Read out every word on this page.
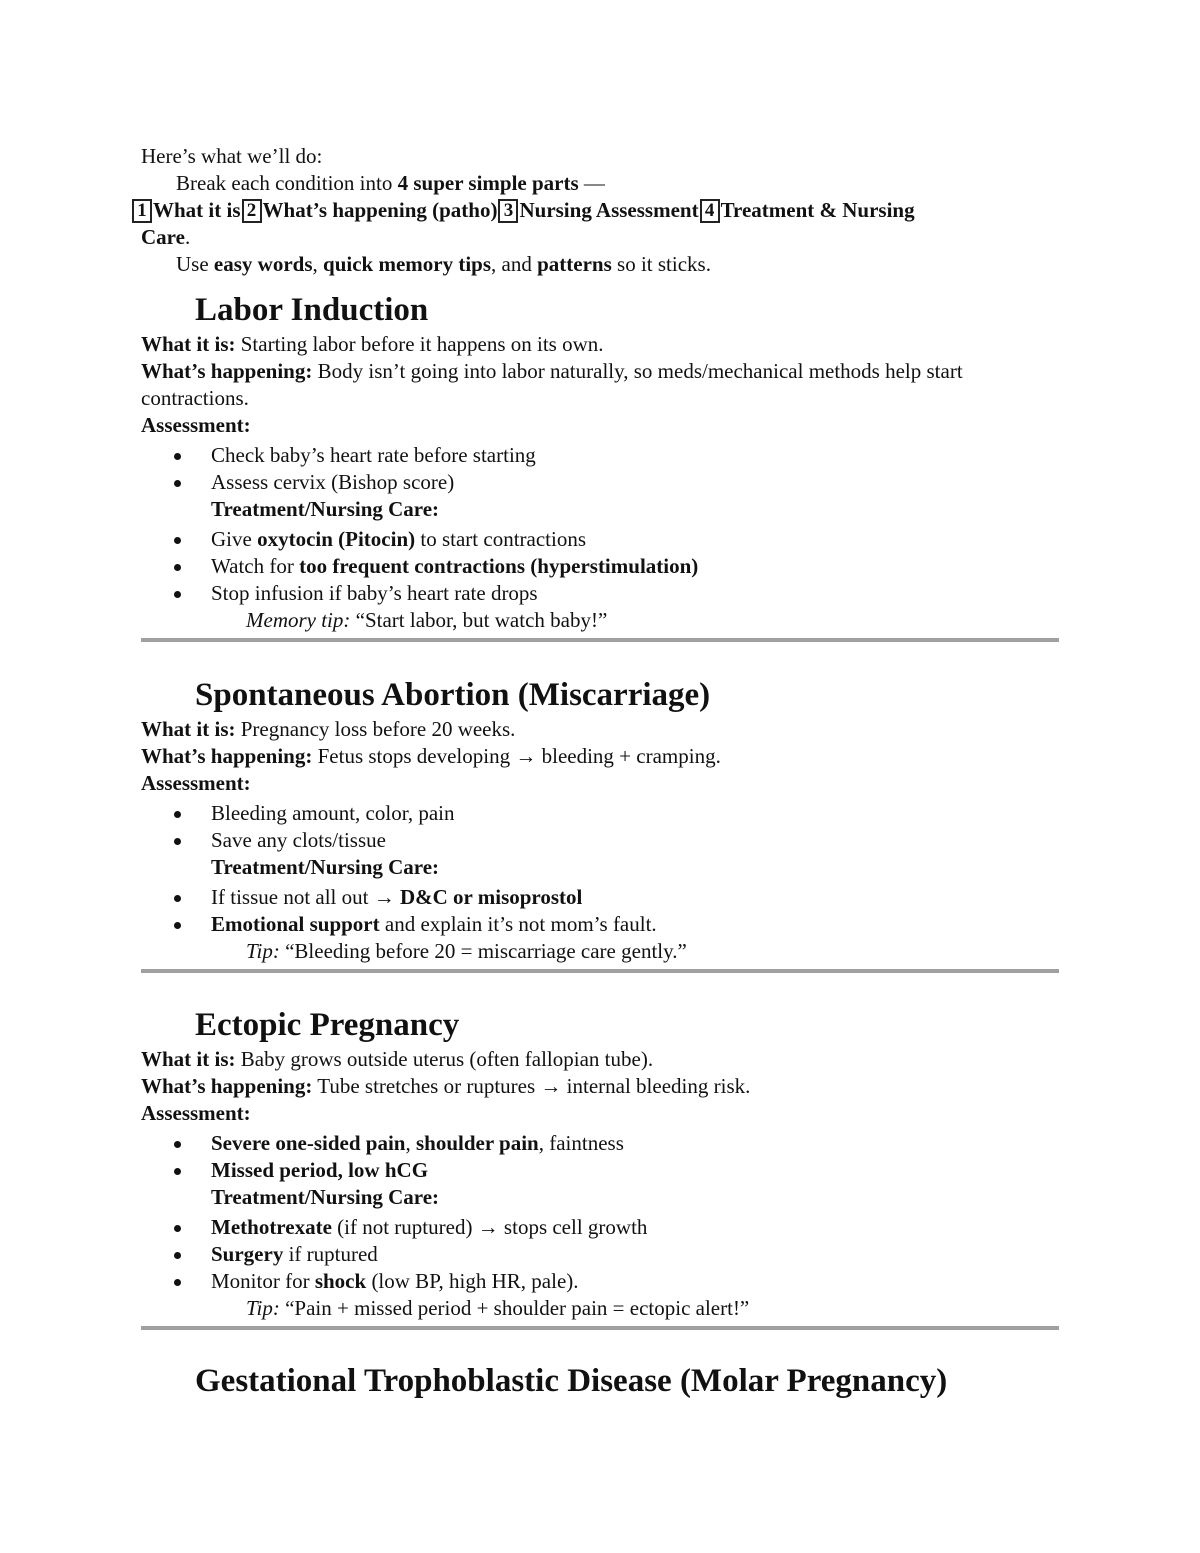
Here’s what we’ll do:

Break each condition into 4 super simple parts —

1 What it is 2 What’s happening (patho) 3 Nursing Assessment 4 Treatment & Nursing

Care.

Use easy words, quick memory tips, and patterns so it sticks.

Labor Induction

What it is: Starting labor before it happens on its own.

What’s happening: Body isn’t going into labor naturally, so meds/mechanical methods help start contractions.

Assessment:

Check baby’s heart rate before starting
Assess cervix (Bishop score)

Treatment/Nursing Care:

Give oxytocin (Pitocin) to start contractions
Watch for too frequent contractions (hyperstimulation)
Stop infusion if baby’s heart rate drops

Memory tip: “Start labor, but watch baby!”

Spontaneous Abortion (Miscarriage)

What it is: Pregnancy loss before 20 weeks.

What’s happening: Fetus stops developing → bleeding + cramping.

Assessment:

Bleeding amount, color, pain
Save any clots/tissue

Treatment/Nursing Care:

If tissue not all out → D&C or misoprostol
Emotional support and explain it’s not mom’s fault.

Tip: “Bleeding before 20 = miscarriage care gently.”

Ectopic Pregnancy

What it is: Baby grows outside uterus (often fallopian tube).

What’s happening: Tube stretches or ruptures → internal bleeding risk.

Assessment:

Severe one-sided pain, shoulder pain, faintness
Missed period, low hCG

Treatment/Nursing Care:

Methotrexate (if not ruptured) → stops cell growth
Surgery if ruptured
Monitor for shock (low BP, high HR, pale).

Tip: “Pain + missed period + shoulder pain = ectopic alert!”

Gestational Trophoblastic Disease (Molar Pregnancy)
